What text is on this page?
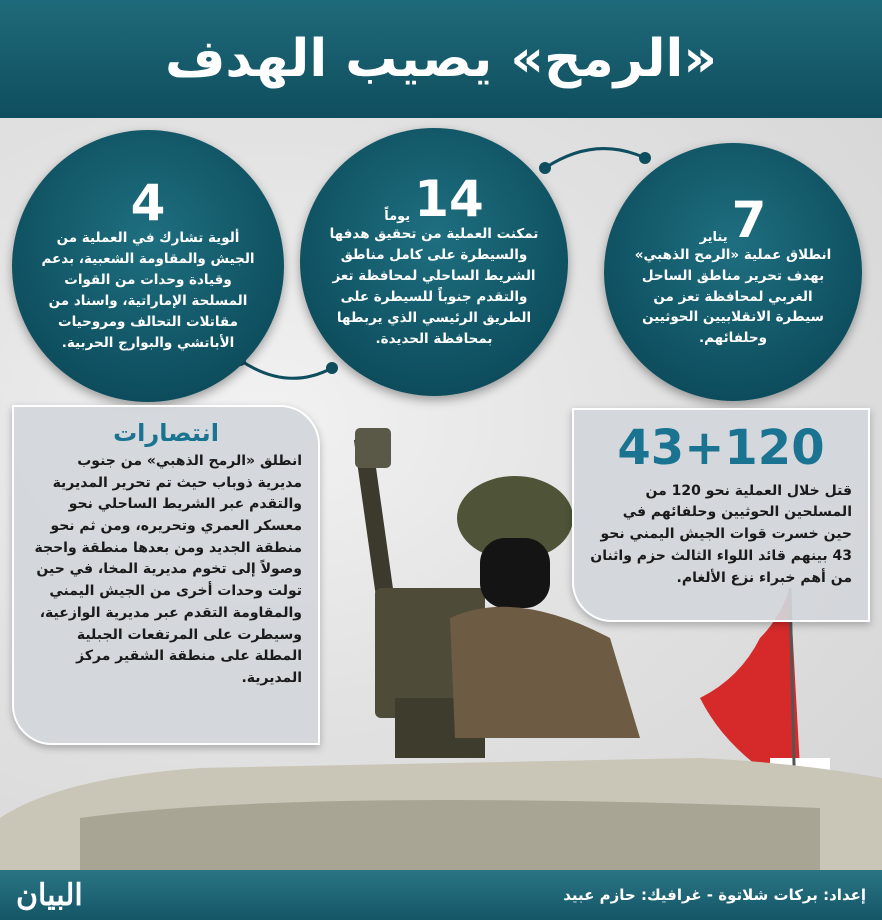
«الرمح» يصيب الهدف
7
يناير
انطلاق عملية «الرمح الذهبي» بهدف تحرير مناطق الساحل الغربي لمحافظة تعز من سيطرة الانقلابيين الحوثيين وحلفائهم.
14
يوماً
تمكنت العملية من تحقيق هدفها والسيطرة على كامل مناطق الشريط الساحلي لمحافظة تعز والتقدم جنوباً للسيطرة على الطريق الرئيسي الذي يربطها بمحافظة الحديدة.
4
ألوية تشارك في العملية من الجيش والمقاومة الشعبية، بدعم وقيادة وحدات من القوات المسلحة الإماراتية، واسناد من مقاتلات التحالف ومروحيات الأباتشي والبوارج الحربية.
43+120
قتل خلال العملية نحو 120 من المسلحين الحوثيين وحلفائهم في حين خسرت قوات الجيش اليمني نحو 43 بينهم قائد اللواء الثالث حزم واثنان من أهم خبراء نزع الألغام.
انتصارات
انطلق «الرمح الذهبي» من جنوب مديرية ذوباب حيث تم تحرير المديرية والتقدم عبر الشريط الساحلي نحو معسكر العمري وتحريره، ومن ثم نحو منطقة الجديد ومن بعدها منطقة واحجة وصولاً إلى تخوم مديرية المخا، في حين تولت وحدات أخرى من الجيش اليمني والمقاومة التقدم عبر مديرية الوازعية، وسيطرت على المرتفعات الجبلية المطلة على منطقة الشقير مركز المديرية.
البيان	إعداد: بركات شلاتوة - غرافيك: حازم عبيد
